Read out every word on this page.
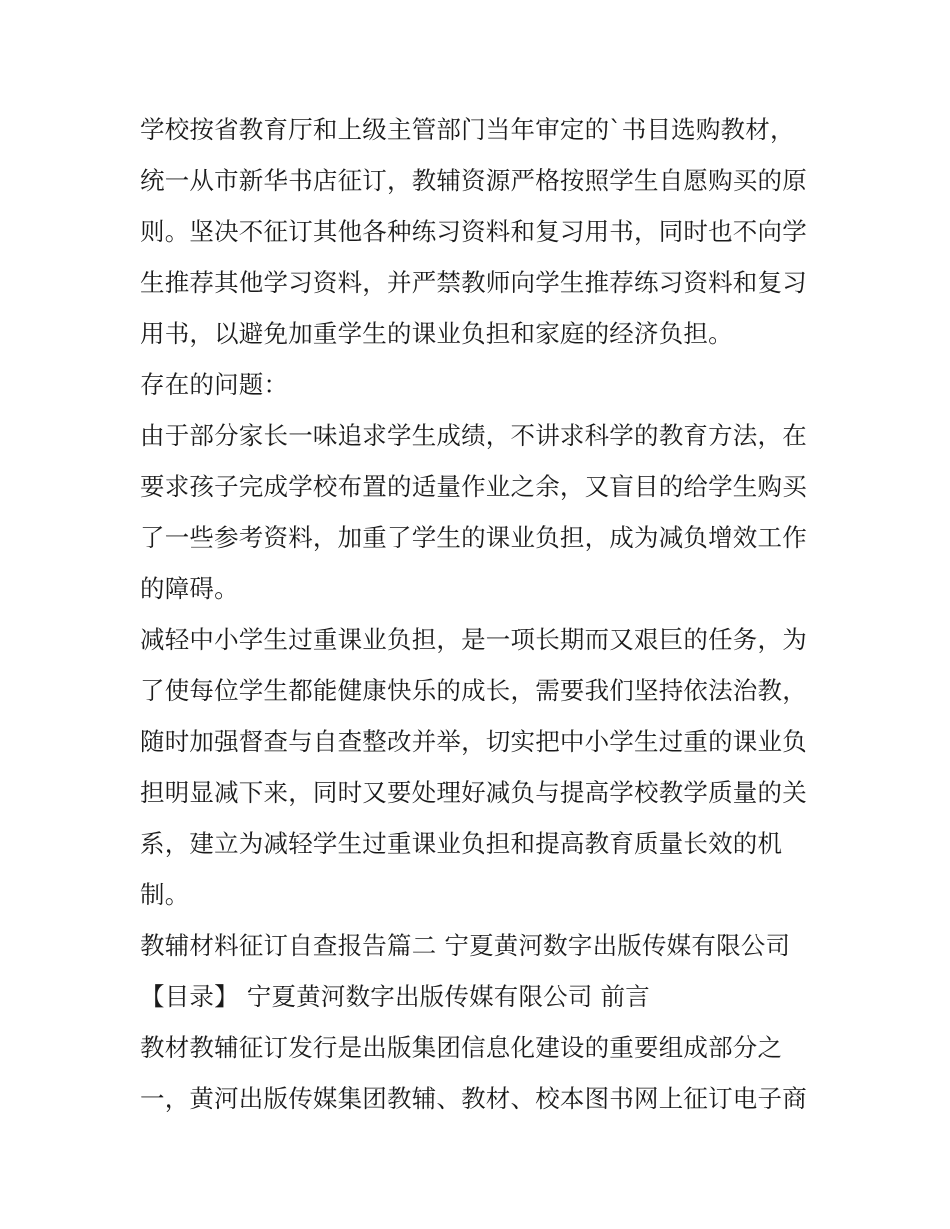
学校按省教育厅和上级主管部门当年审定的`书目选购教材，
统一从市新华书店征订，教辅资源严格按照学生自愿购买的原
则。坚决不征订其他各种练习资料和复习用书，同时也不向学
生推荐其他学习资料，并严禁教师向学生推荐练习资料和复习
用书，以避免加重学生的课业负担和家庭的经济负担。
存在的问题：
由于部分家长一味追求学生成绩，不讲求科学的教育方法，在
要求孩子完成学校布置的适量作业之余，又盲目的给学生购买
了一些参考资料，加重了学生的课业负担，成为减负增效工作
的障碍。
减轻中小学生过重课业负担，是一项长期而又艰巨的任务，为
了使每位学生都能健康快乐的成长，需要我们坚持依法治教，
随时加强督查与自查整改并举，切实把中小学生过重的课业负
担明显减下来，同时又要处理好减负与提高学校教学质量的关
系，建立为减轻学生过重课业负担和提高教育质量长效的机
制。
教辅材料征订自查报告篇二 宁夏黄河数字出版传媒有限公司
【目录】 宁夏黄河数字出版传媒有限公司 前言
教材教辅征订发行是出版集团信息化建设的重要组成部分之
一，黄河出版传媒集团教辅、教材、校本图书网上征订电子商
